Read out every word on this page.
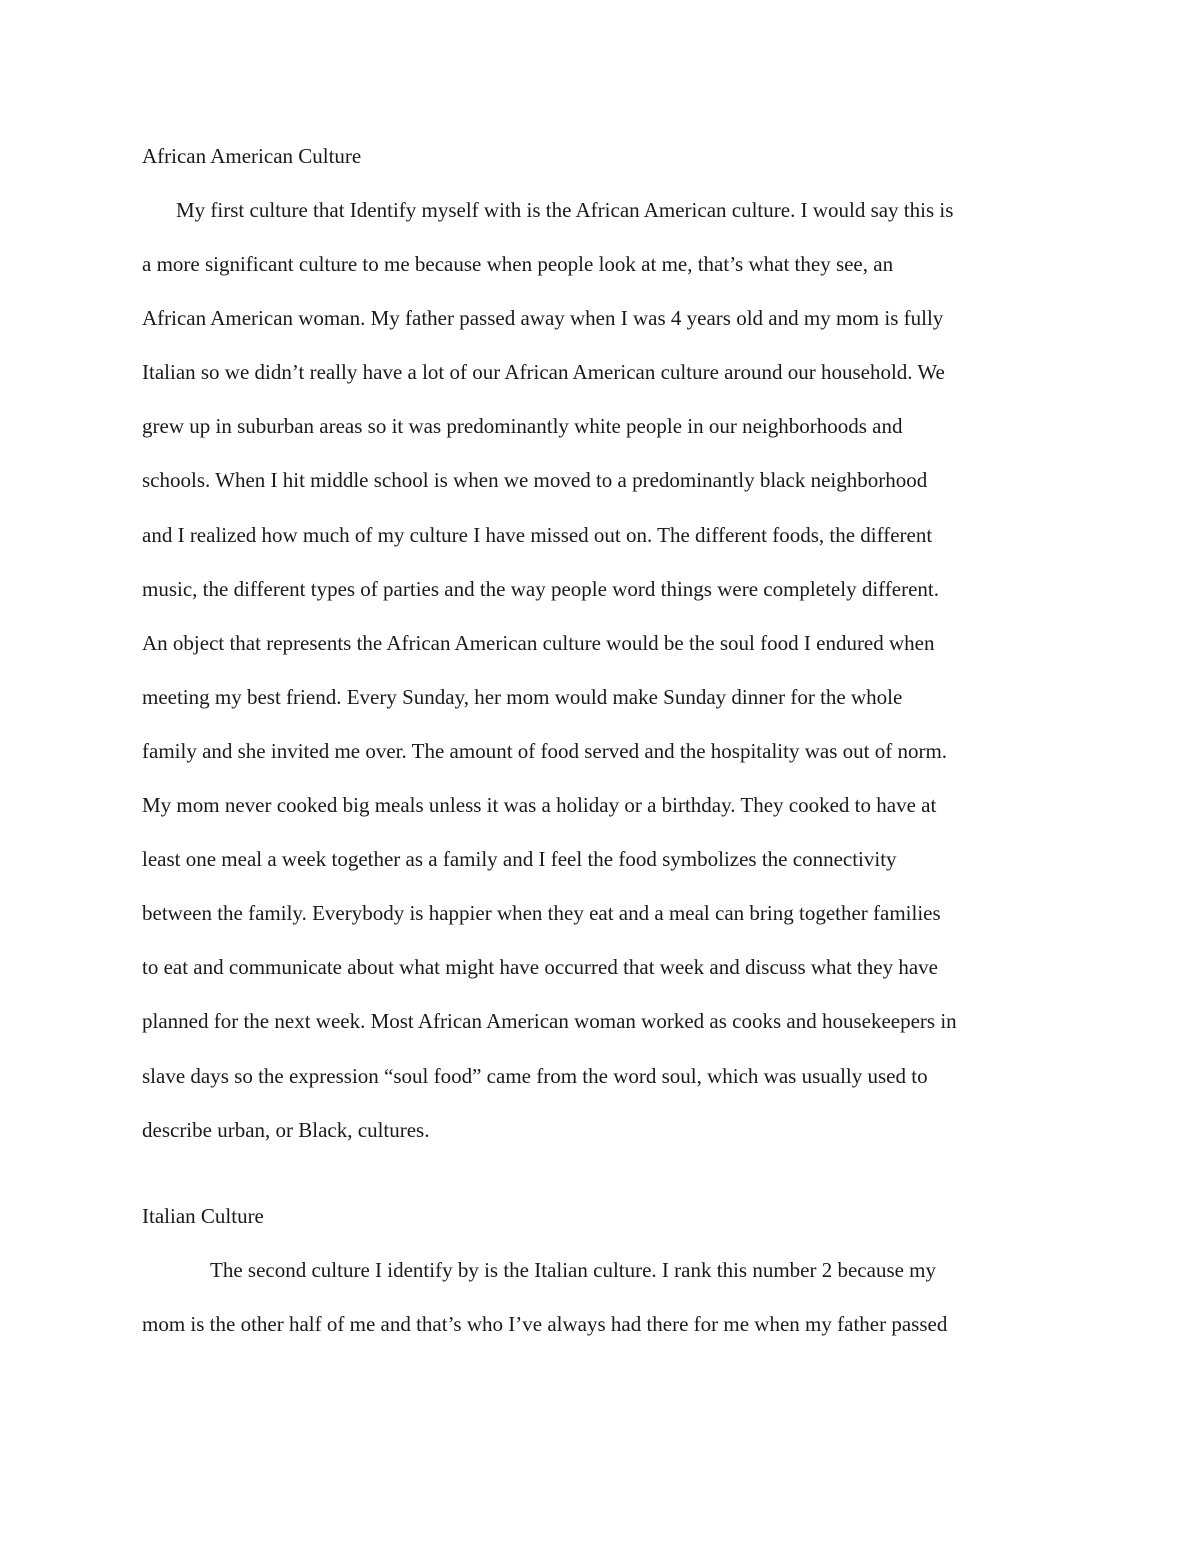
African American Culture

My first culture that Identify myself with is the African American culture. I would say this is
a more significant culture to me because when people look at me, that’s what they see, an
African American woman. My father passed away when I was 4 years old and my mom is fully
Italian so we didn’t really have a lot of our African American culture around our household. We
grew up in suburban areas so it was predominantly white people in our neighborhoods and
schools. When I hit middle school is when we moved to a predominantly black neighborhood
and I realized how much of my culture I have missed out on. The different foods, the different
music, the different types of parties and the way people word things were completely different.
An object that represents the African American culture would be the soul food I endured when
meeting my best friend. Every Sunday, her mom would make Sunday dinner for the whole
family and she invited me over. The amount of food served and the hospitality was out of norm.
My mom never cooked big meals unless it was a holiday or a birthday. They cooked to have at
least one meal a week together as a family and I feel the food symbolizes the connectivity
between the family. Everybody is happier when they eat and a meal can bring together families
to eat and communicate about what might have occurred that week and discuss what they have
planned for the next week. Most African American woman worked as cooks and housekeepers in
slave days so the expression “soul food” came from the word soul, which was usually used to
describe urban, or Black, cultures.

Italian Culture

The second culture I identify by is the Italian culture. I rank this number 2 because my
mom is the other half of me and that’s who I’ve always had there for me when my father passed
